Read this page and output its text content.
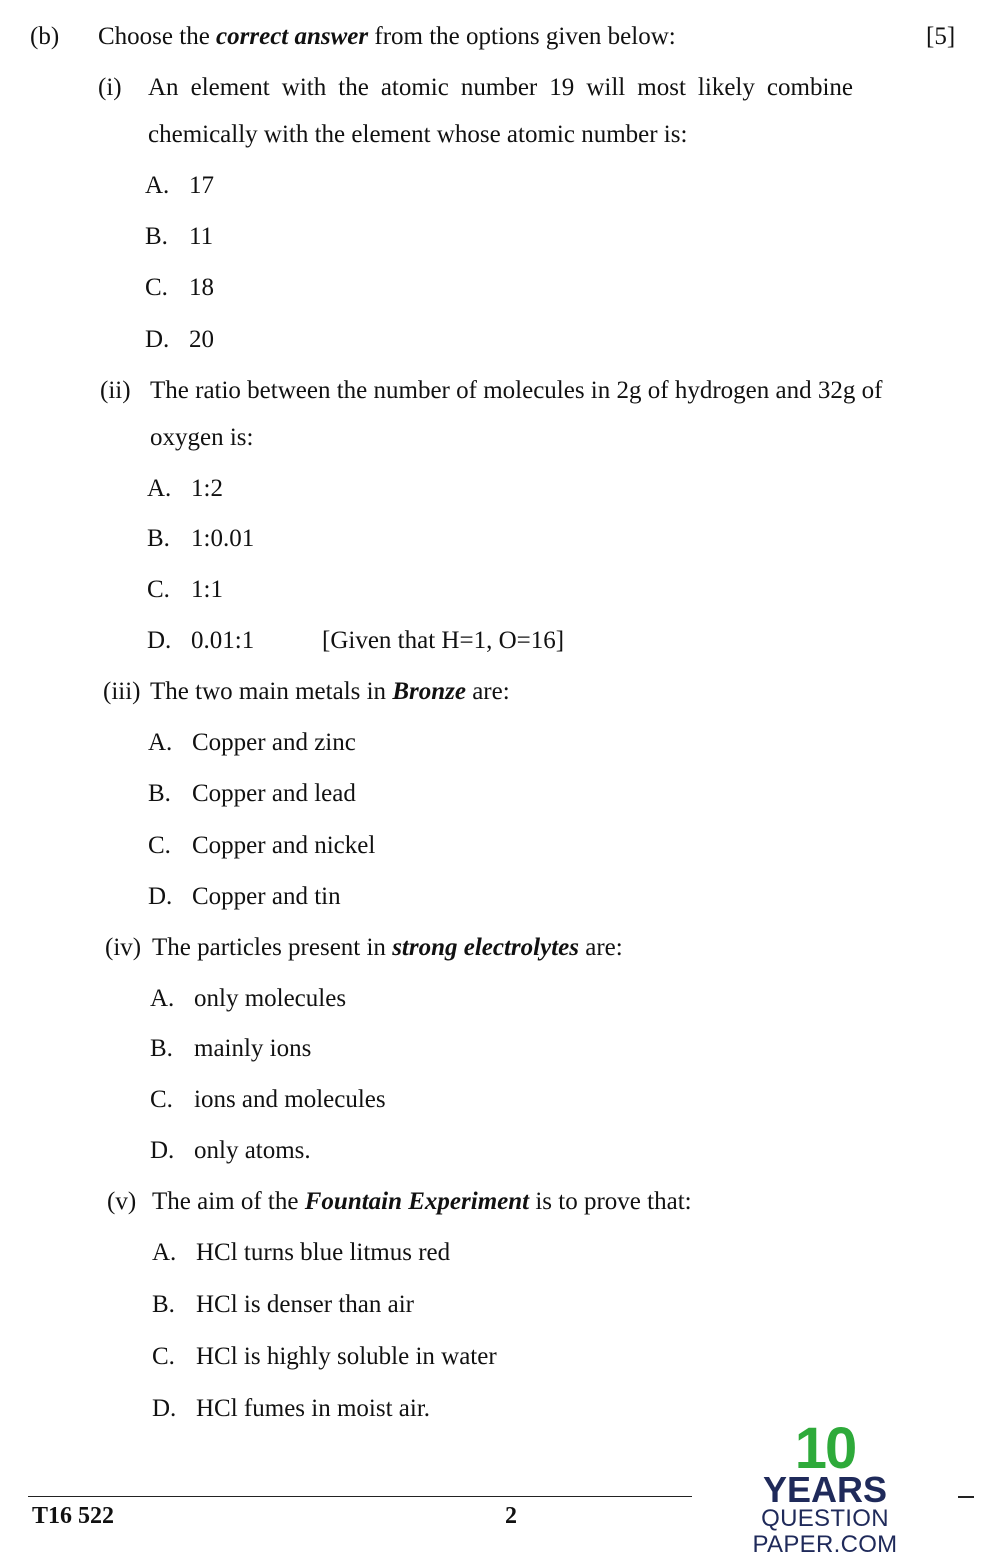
(b) Choose the correct answer from the options given below:	[5]
(i) An element with the atomic number 19 will most likely combine
chemically with the element whose atomic number is:
A. 17
B. 11
C. 18
D. 20
(ii) The ratio between the number of molecules in 2g of hydrogen and 32g of
oxygen is:
A. 1:2
B. 1:0.01
C. 1:1
D. 0.01:1	[Given that H=1, O=16]
(iii) The two main metals in Bronze are:
A. Copper and zinc
B. Copper and lead
C. Copper and nickel
D. Copper and tin
(iv) The particles present in strong electrolytes are:
A. only molecules
B. mainly ions
C. ions and molecules
D. only atoms.
(v) The aim of the Fountain Experiment is to prove that:
A. HCl turns blue litmus red
B. HCl is denser than air
C. HCl is highly soluble in water
D. HCl fumes in moist air.
T16 522	2
10
YEARS
QUESTION PAPER.COM
